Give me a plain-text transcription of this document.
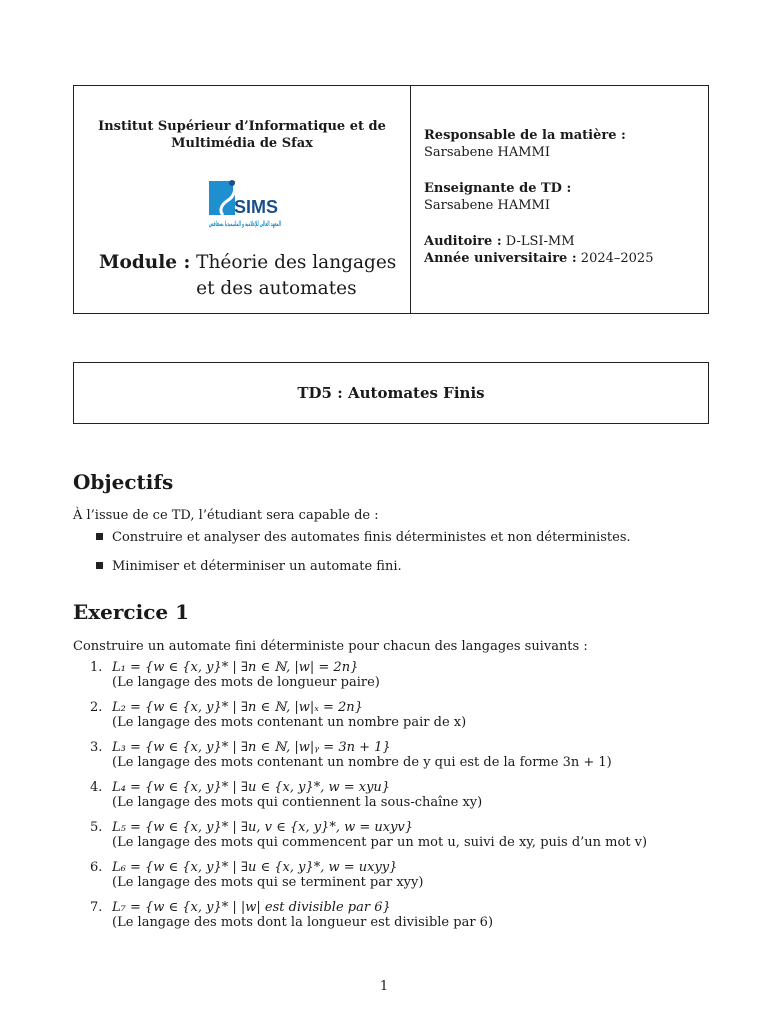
Institut Supérieur d’Informatique et de Multimédia de Sfax
SIMS
المعهد العالي للإعلامية و الملتيميديا بصفاقس
Module : Théorie des langages
et des automates
Responsable de la matière :
Sarsabene HAMMI
Enseignante de TD :
Sarsabene HAMMI
Auditoire : D-LSI-MM
Année universitaire : 2024–2025
TD5 : Automates Finis
Objectifs
À l’issue de ce TD, l’étudiant sera capable de :
Construire et analyser des automates finis déterministes et non déterministes.
Minimiser et déterminiser un automate fini.
Exercice 1
Construire un automate fini déterministe pour chacun des langages suivants :
1. L₁ = {w ∈ {x, y}* | ∃n ∈ ℕ, |w| = 2n}
(Le langage des mots de longueur paire)
2. L₂ = {w ∈ {x, y}* | ∃n ∈ ℕ, |w|ₓ = 2n}
(Le langage des mots contenant un nombre pair de x)
3. L₃ = {w ∈ {x, y}* | ∃n ∈ ℕ, |w|ᵧ = 3n + 1}
(Le langage des mots contenant un nombre de y qui est de la forme 3n + 1)
4. L₄ = {w ∈ {x, y}* | ∃u ∈ {x, y}*, w = xyu}
(Le langage des mots qui contiennent la sous-chaîne xy)
5. L₅ = {w ∈ {x, y}* | ∃u, v ∈ {x, y}*, w = uxyv}
(Le langage des mots qui commencent par un mot u, suivi de xy, puis d’un mot v)
6. L₆ = {w ∈ {x, y}* | ∃u ∈ {x, y}*, w = uxyy}
(Le langage des mots qui se terminent par xyy)
7. L₇ = {w ∈ {x, y}* | |w| est divisible par 6}
(Le langage des mots dont la longueur est divisible par 6)
1
